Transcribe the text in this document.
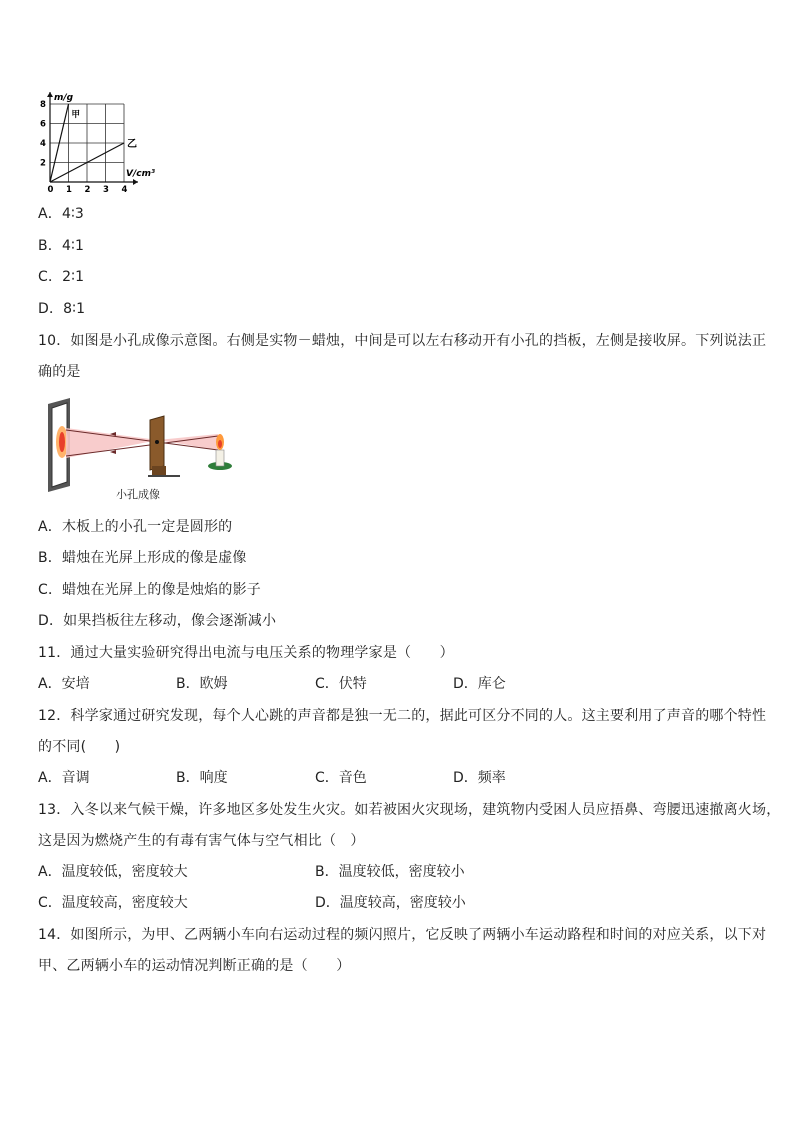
m/g
V/cm³
0 1 2 3 4
2
4
6
8
甲
乙
A．4∶3
B．4∶1
C．2∶1
D．8∶1
10．如图是小孔成像示意图。右侧是实物－蜡烛，中间是可以左右移动开有小孔的挡板，左侧是接收屏。下列说法正
确的是
小孔成像
A．木板上的小孔一定是圆形的
B．蜡烛在光屏上形成的像是虚像
C．蜡烛在光屏上的像是烛焰的影子
D．如果挡板往左移动，像会逐渐减小
11．通过大量实验研究得出电流与电压关系的物理学家是（　　）
A．安培	B．欧姆	C．伏特	D．库仑
12．科学家通过研究发现，每个人心跳的声音都是独一无二的，据此可区分不同的人。这主要利用了声音的哪个特性
的不同(　　)
A．音调	B．响度	C．音色	D．频率
13．入冬以来气候干燥，许多地区多处发生火灾。如若被困火灾现场，建筑物内受困人员应捂鼻、弯腰迅速撤离火场，
这是因为燃烧产生的有毒有害气体与空气相比（　）
A．温度较低，密度较大	B．温度较低，密度较小
C．温度较高，密度较大	D．温度较高，密度较小
14．如图所示，为甲、乙两辆小车向右运动过程的频闪照片，它反映了两辆小车运动路程和时间的对应关系，以下对
甲、乙两辆小车的运动情况判断正确的是（　　）
